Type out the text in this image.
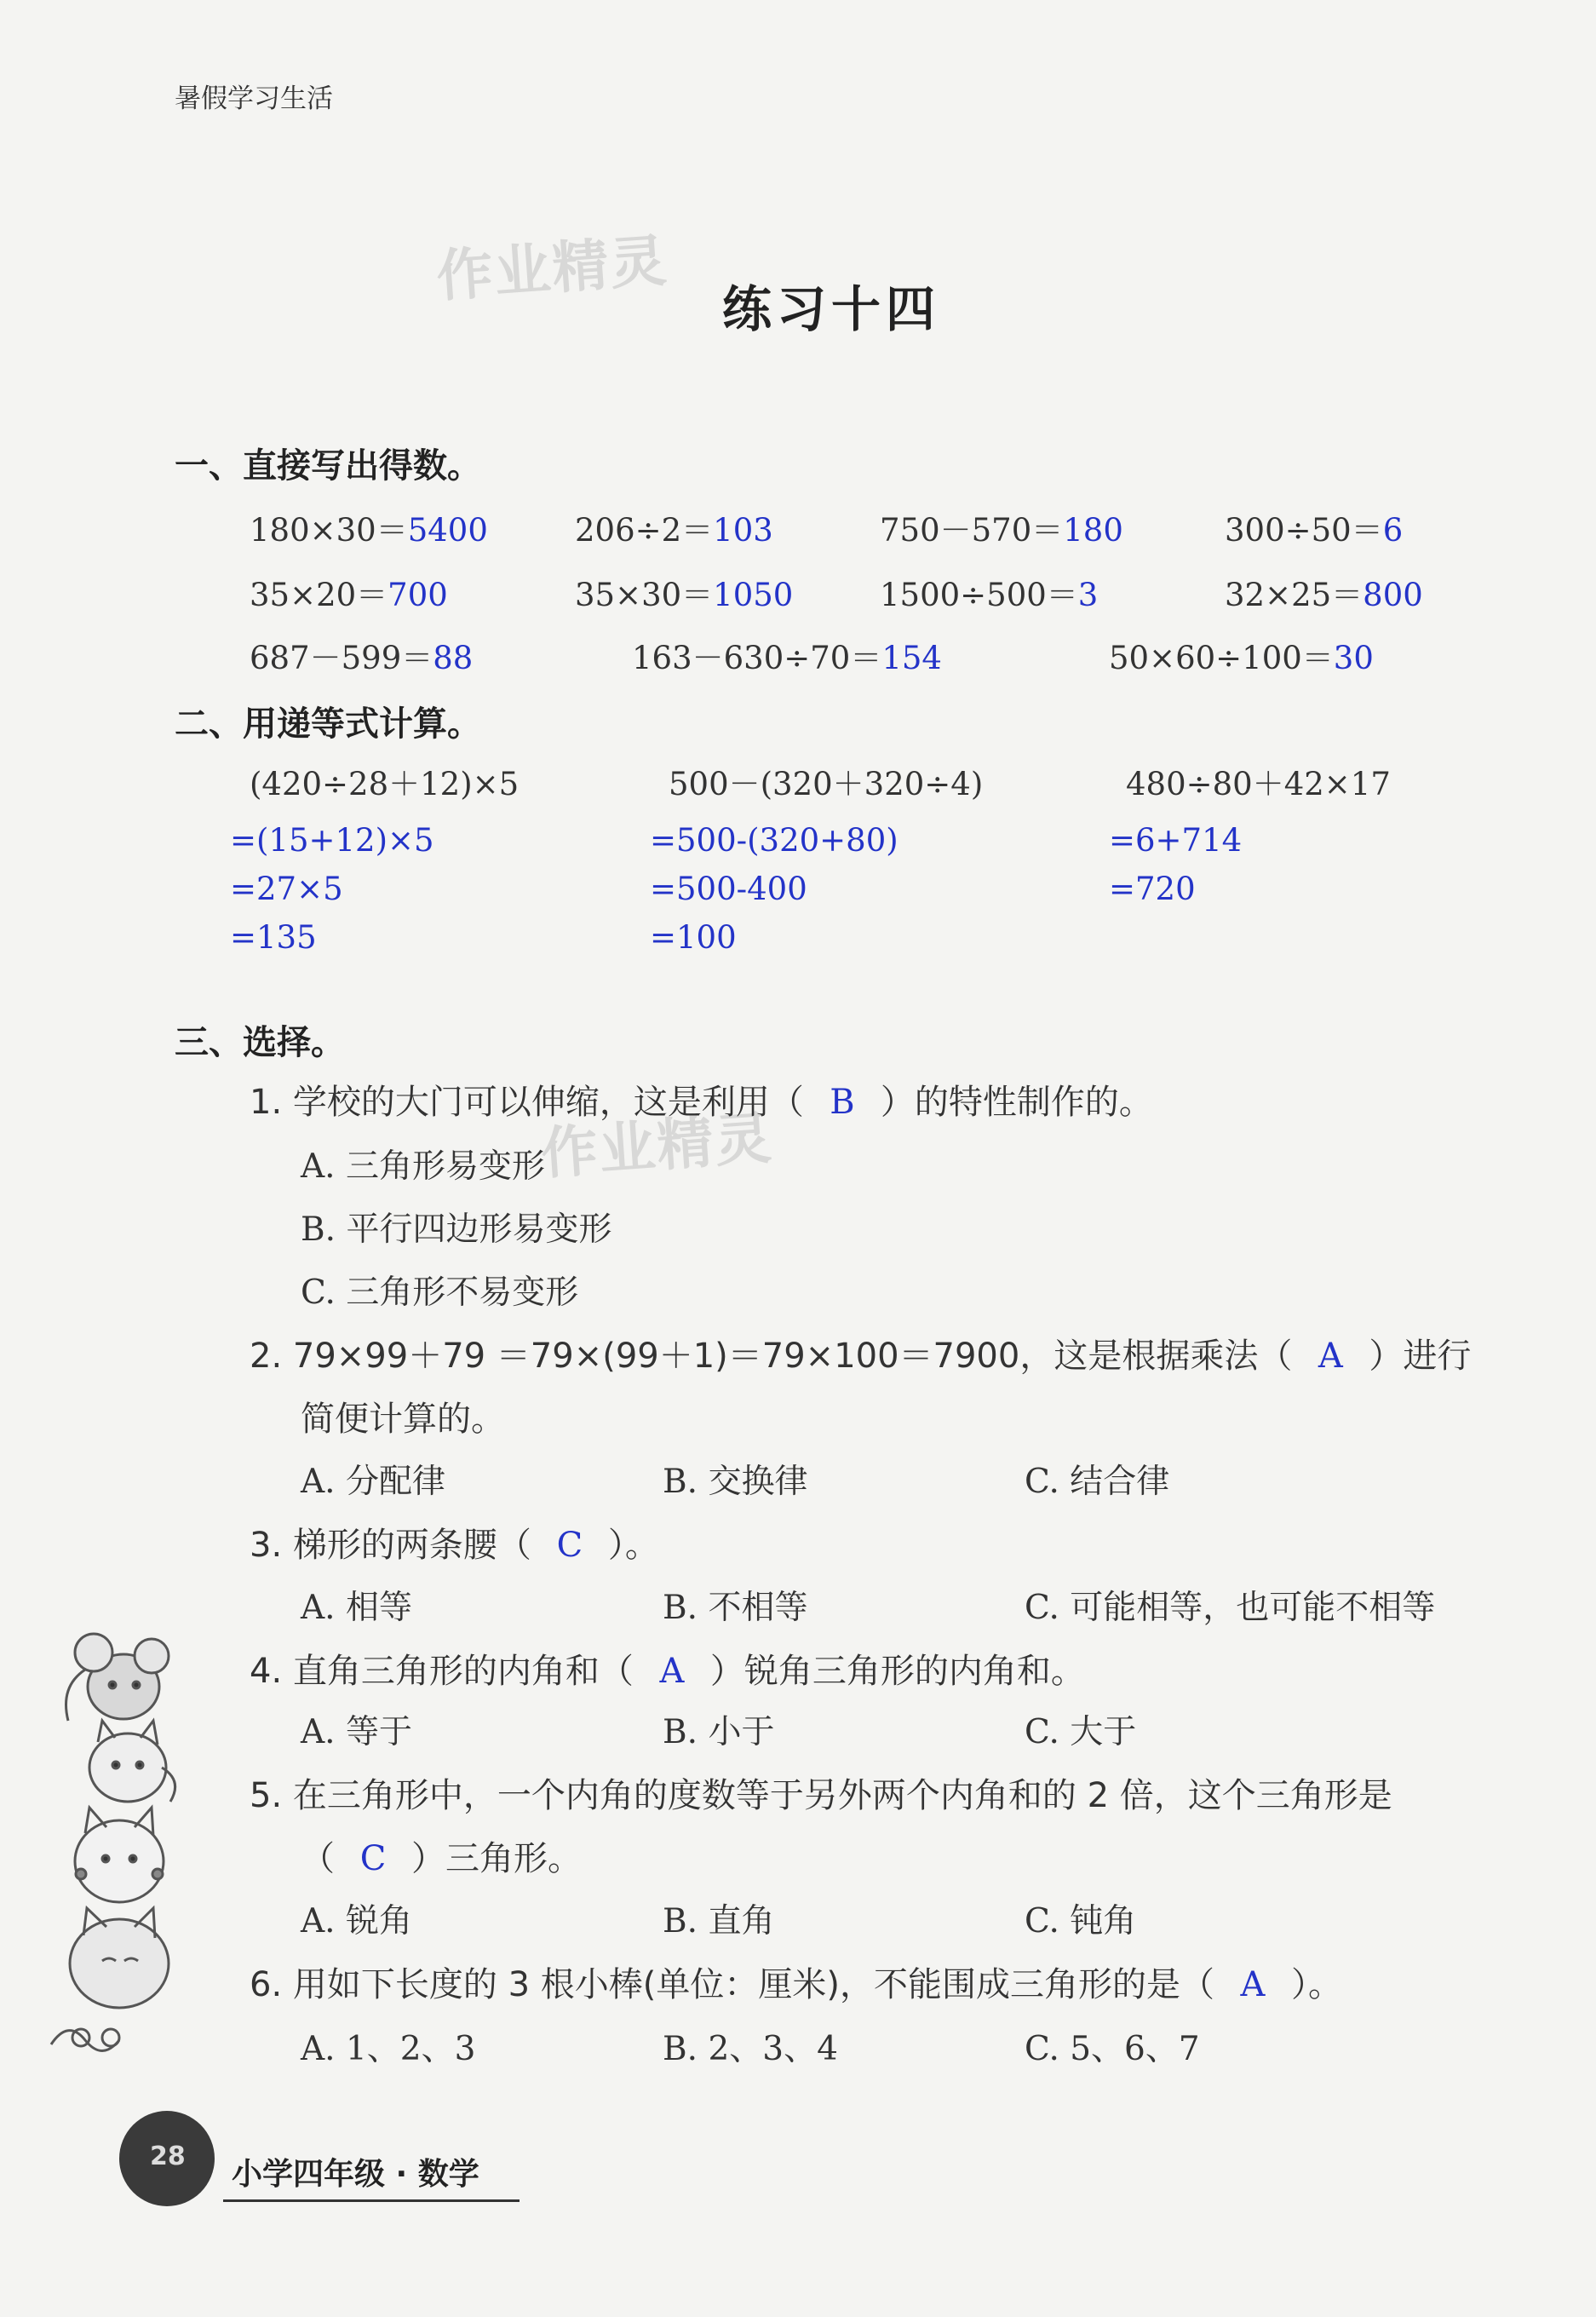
暑假学习生活
作业精灵
作业精灵
练习十四
一、直接写出得数。
180×30＝5400	206÷2＝103	750－570＝180	300÷50＝6
35×20＝700	35×30＝1050	1500÷500＝3	32×25＝800
687－599＝88	163－630÷70＝154	50×60÷100＝30
二、用递等式计算。
(420÷28＋12)×5	500－(320＋320÷4)	480÷80＋42×17
=(15+12)×5
=27×5
=135
=500-(320+80)
=500-400
=100
=6+714
=720
三、选择。
1. 学校的大门可以伸缩，这是利用（ B ）的特性制作的。
A. 三角形易变形
B. 平行四边形易变形
C. 三角形不易变形
2. 79×99＋79 ＝79×(99＋1)＝79×100＝7900，这是根据乘法（ A ）进行
简便计算的。
A. 分配律	B. 交换律	C. 结合律
3. 梯形的两条腰（ C ）。
A. 相等	B. 不相等	C. 可能相等，也可能不相等
4. 直角三角形的内角和（ A ）锐角三角形的内角和。
A. 等于	B. 小于	C. 大于
5. 在三角形中，一个内角的度数等于另外两个内角和的 2 倍，这个三角形是
（ C ）三角形。
A. 锐角	B. 直角	C. 钝角
6. 用如下长度的 3 根小棒(单位：厘米)，不能围成三角形的是（ A ）。
A. 1、2、3	B. 2、3、4	C. 5、6、7
28
小学四年级 · 数学
